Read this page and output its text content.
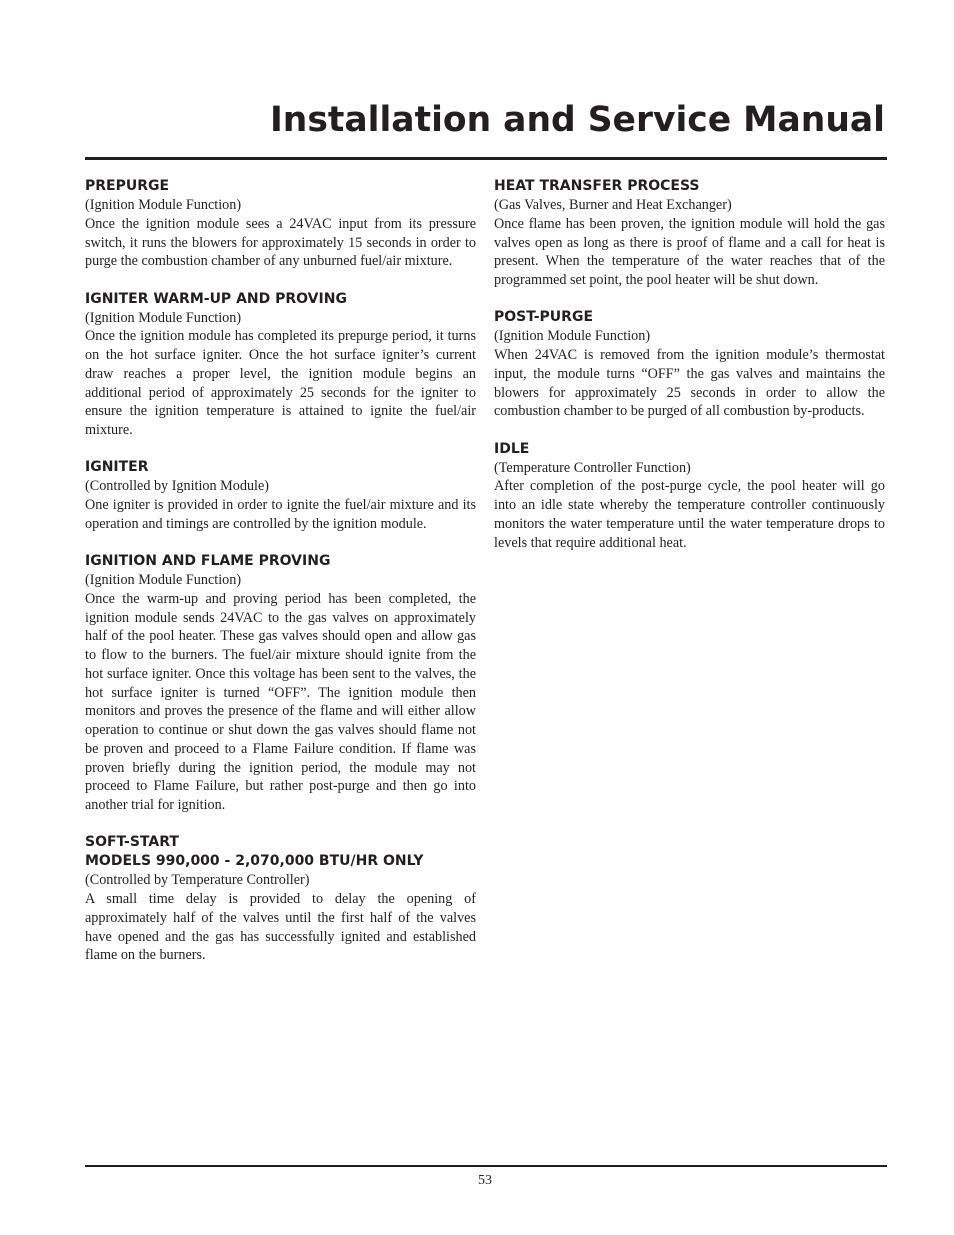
Installation and Service Manual
PREPURGE
(Ignition Module Function)
Once the ignition module sees a 24VAC input from its pressure switch, it runs the blowers for approximately 15 seconds in order to purge the combustion chamber of any unburned fuel/air mixture.
IGNITER WARM-UP AND PROVING
(Ignition Module Function)
Once the ignition module has completed its prepurge period, it turns on the hot surface igniter. Once the hot surface igniter’s current draw reaches a proper level, the ignition module begins an additional period of approximately 25 seconds for the igniter to ensure the ignition temperature is attained to ignite the fuel/air mixture.
IGNITER
(Controlled by Ignition Module)
One igniter is provided in order to ignite the fuel/air mixture and its operation and timings are controlled by the ignition module.
IGNITION AND FLAME PROVING
(Ignition Module Function)
Once the warm-up and proving period has been completed, the ignition module sends 24VAC to the gas valves on approximately half of the pool heater. These gas valves should open and allow gas to flow to the burners. The fuel/air mixture should ignite from the hot surface igniter. Once this voltage has been sent to the valves, the hot surface igniter is turned “OFF”. The ignition module then monitors and proves the presence of the flame and will either allow operation to continue or shut down the gas valves should flame not be proven and proceed to a Flame Failure condition. If flame was proven briefly during the ignition period, the module may not proceed to Flame Failure, but rather post-purge and then go into another trial for ignition.
SOFT-START
MODELS 990,000 - 2,070,000 BTU/HR ONLY
(Controlled by Temperature Controller)
A small time delay is provided to delay the opening of approximately half of the valves until the first half of the valves have opened and the gas has successfully ignited and established flame on the burners.
HEAT TRANSFER PROCESS
(Gas Valves, Burner and Heat Exchanger)
Once flame has been proven, the ignition module will hold the gas valves open as long as there is proof of flame and a call for heat is present. When the temperature of the water reaches that of the programmed set point, the pool heater will be shut down.
POST-PURGE
(Ignition Module Function)
When 24VAC is removed from the ignition module’s thermostat input, the module turns “OFF” the gas valves and maintains the blowers for approximately 25 seconds in order to allow the combustion chamber to be purged of all combustion by-products.
IDLE
(Temperature Controller Function)
After completion of the post-purge cycle, the pool heater will go into an idle state whereby the temperature controller continuously monitors the water temperature until the water temperature drops to levels that require additional heat.
53
